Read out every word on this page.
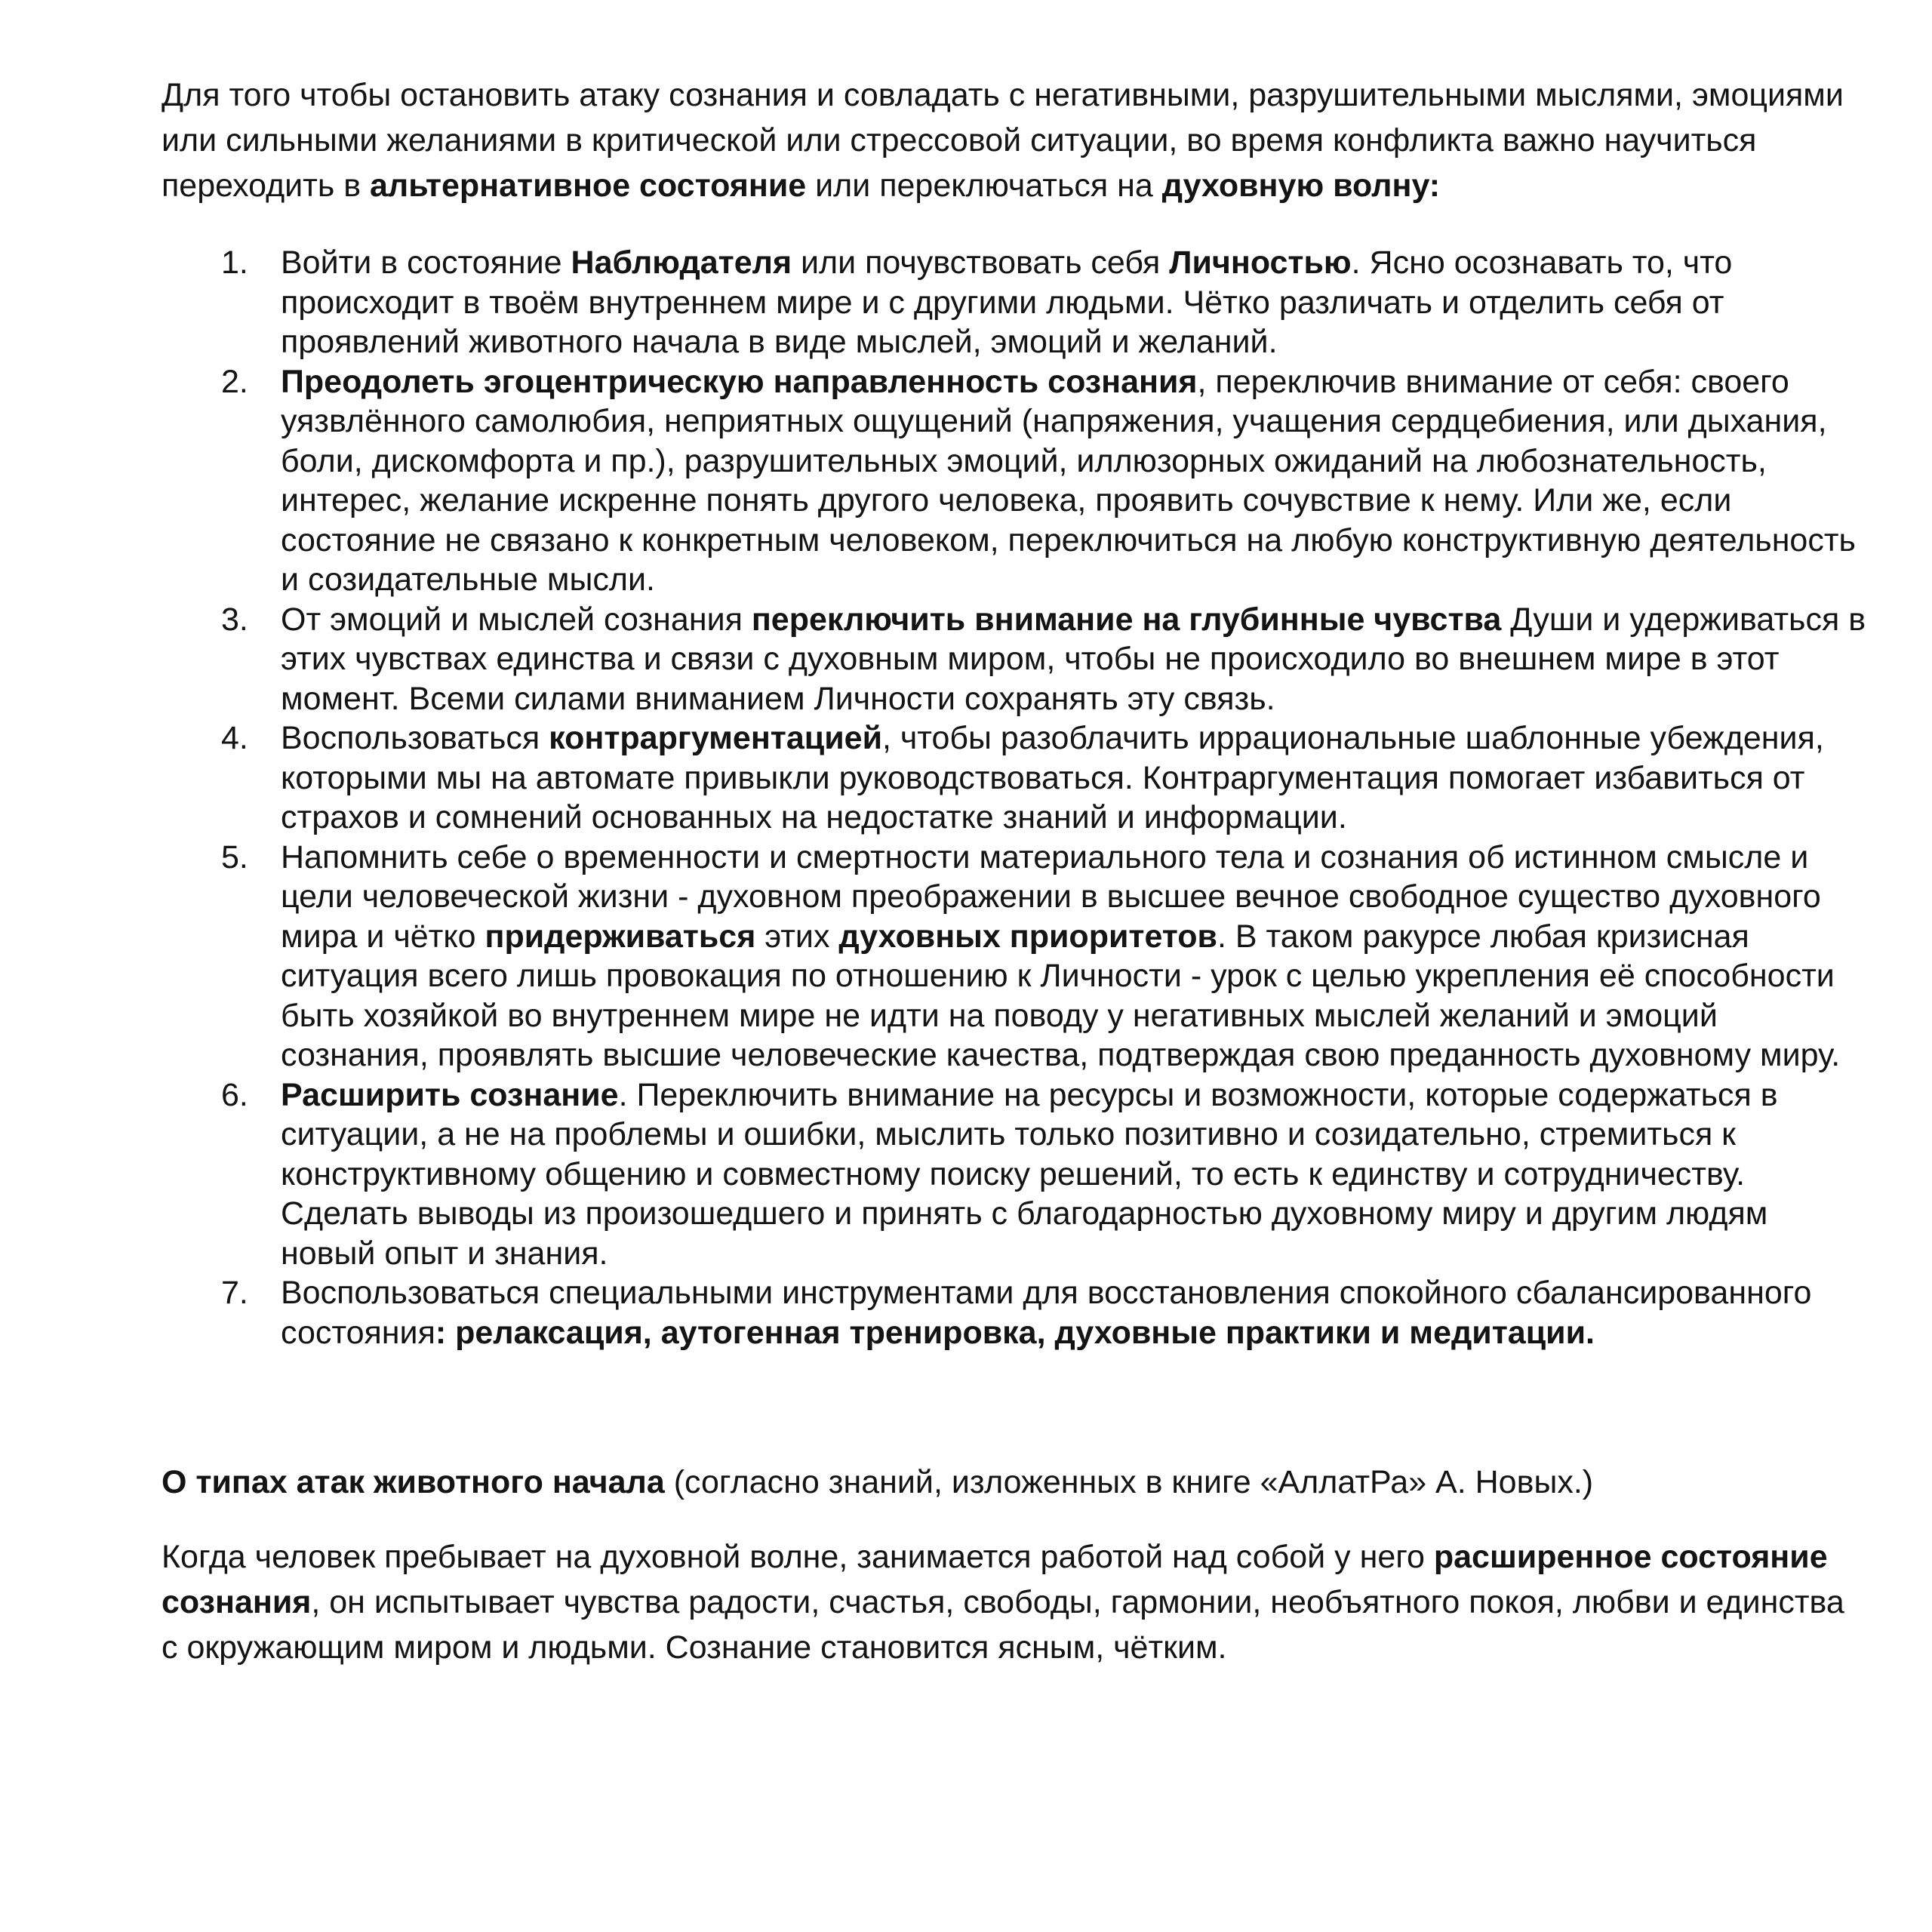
Для того чтобы остановить атаку сознания и совладать с негативными, разрушительными мыслями, эмоциями или сильными желаниями в критической или стрессовой ситуации, во время конфликта важно научиться переходить в альтернативное состояние или переключаться на духовную волну:

1. Войти в состояние Наблюдателя или почувствовать себя Личностью. Ясно осознавать то, что происходит в твоём внутреннем мире и с другими людьми. Чётко различать и отделить себя от проявлений животного начала в виде мыслей, эмоций и желаний.
2. Преодолеть эгоцентрическую направленность сознания, переключив внимание от себя: своего уязвлённого самолюбия, неприятных ощущений (напряжения, учащения сердцебиения, или дыхания, боли, дискомфорта и пр.), разрушительных эмоций, иллюзорных ожиданий на любознательность, интерес, желание искренне понять другого человека, проявить сочувствие к нему. Или же, если состояние не связано к конкретным человеком, переключиться на любую конструктивную деятельность и созидательные мысли.
3. От эмоций и мыслей сознания переключить внимание на глубинные чувства Души и удерживаться в этих чувствах единства и связи с духовным миром, чтобы не происходило во внешнем мире в этот момент. Всеми силами вниманием Личности сохранять эту связь.
4. Воспользоваться контраргументацией, чтобы разоблачить иррациональные шаблонные убеждения, которыми мы на автомате привыкли руководствоваться. Контраргументация помогает избавиться от страхов и сомнений основанных на недостатке знаний и информации.
5. Напомнить себе о временности и смертности материального тела и сознания об истинном смысле и цели человеческой жизни - духовном преображении в высшее вечное свободное существо духовного мира и чётко придерживаться этих духовных приоритетов. В таком ракурсе любая кризисная ситуация всего лишь провокация по отношению к Личности - урок с целью укрепления её способности быть хозяйкой во внутреннем мире не идти на поводу у негативных мыслей желаний и эмоций сознания, проявлять высшие человеческие качества, подтверждая свою преданность духовному миру.
6. Расширить сознание. Переключить внимание на ресурсы и возможности, которые содержаться в ситуации, а не на проблемы и ошибки, мыслить только позитивно и созидательно, стремиться к конструктивному общению и совместному поиску решений, то есть к единству и сотрудничеству. Сделать выводы из произошедшего и принять с благодарностью духовному миру и другим людям новый опыт и знания.
7. Воспользоваться специальными инструментами для восстановления спокойного сбалансированного состояния: релаксация, аутогенная тренировка, духовные практики и медитации.

О типах атак животного начала (согласно знаний, изложенных в книге «АллатРа» А. Новых.)

Когда человек пребывает на духовной волне, занимается работой над собой у него расширенное состояние сознания, он испытывает чувства радости, счастья, свободы, гармонии, необъятного покоя, любви и единства с окружающим миром и людьми. Сознание становится ясным, чётким.
